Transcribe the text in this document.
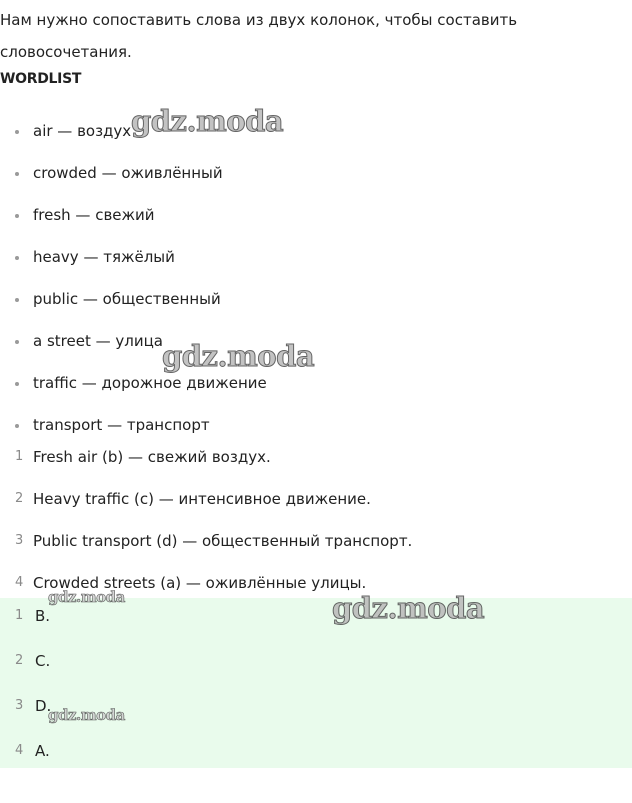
Нам нужно сопоставить слова из двух колонок, чтобы составить словосочетания.

WORDLIST
air — воздух
crowded — оживлённый
fresh — свежий
heavy — тяжёлый
public — общественный
a street — улица
traffic — дорожное движение
transport — транспорт
1 Fresh air (b) — свежий воздух.
2 Heavy traffic (c) — интенсивное движение.
3 Public transport (d) — общественный транспорт.
4 Crowded streets (a) — оживлённые улицы.
1 B.
2 C.
3 D.
4 A.
gdz.moda
gdz.moda
gdz.moda
gdz.moda
gdz.moda
